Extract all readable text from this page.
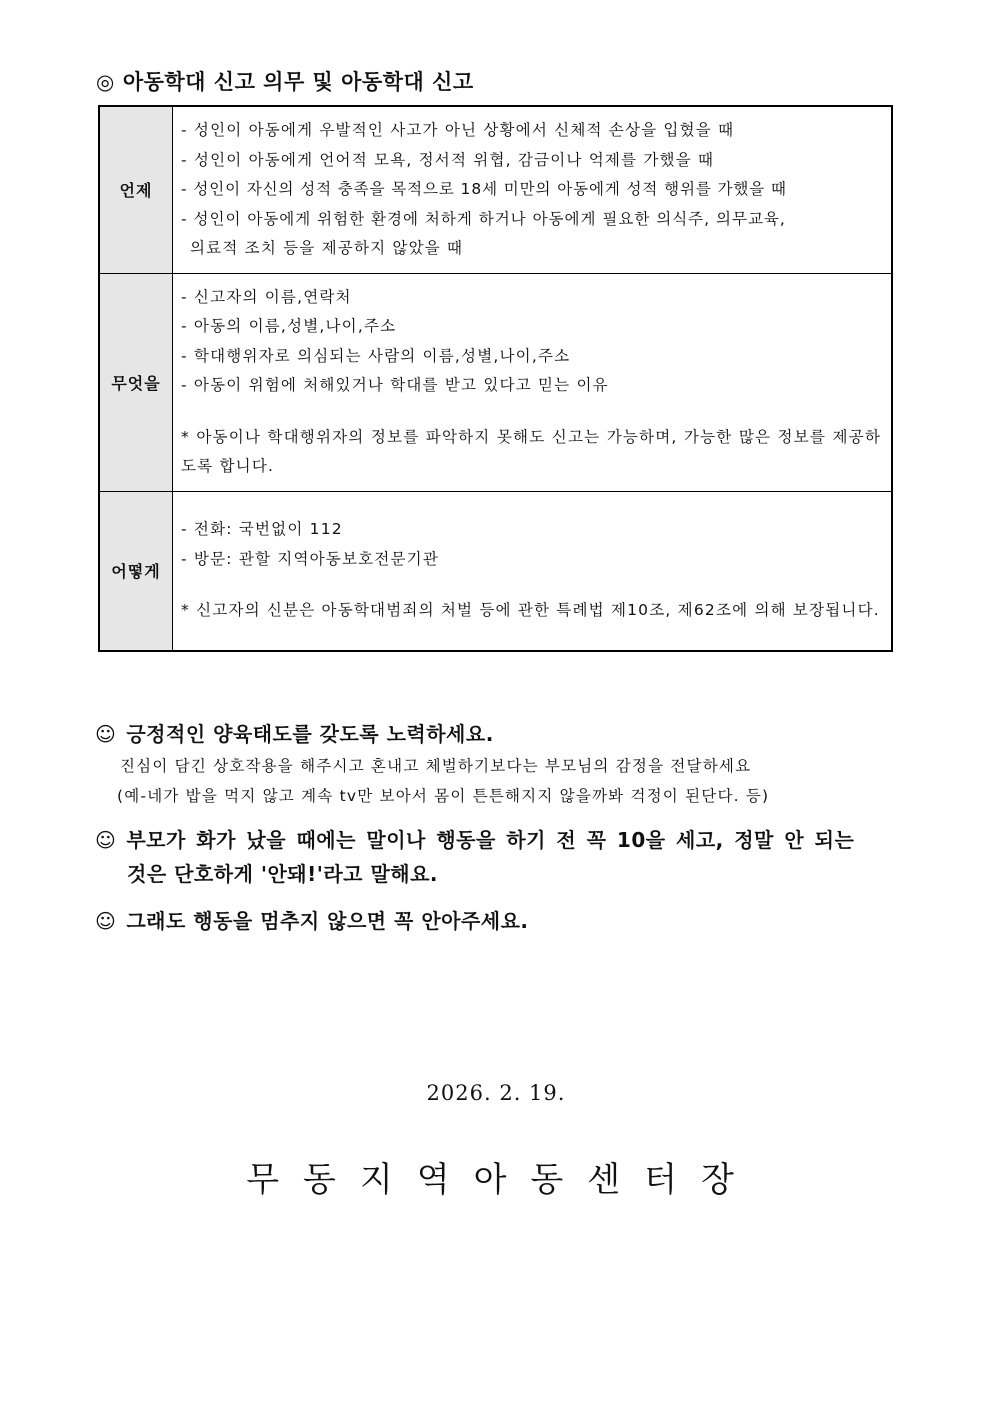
◎ 아동학대 신고 의무 및 아동학대 신고
언제	- 성인이 아동에게 우발적인 사고가 아닌 상황에서 신체적 손상을 입혔을 때
- 성인이 아동에게 언어적 모욕, 정서적 위협, 감금이나 억제를 가했을 때
- 성인이 자신의 성적 충족을 목적으로 18세 미만의 아동에게 성적 행위를 가했을 때
- 성인이 아동에게 위험한 환경에 처하게 하거나 아동에게 필요한 의식주, 의무교육,
의료적 조치 등을 제공하지 않았을 때

무엇을	- 신고자의 이름,연락처
- 아동의 이름,성별,나이,주소
- 학대행위자로 의심되는 사람의 이름,성별,나이,주소
- 아동이 위험에 처해있거나 학대를 받고 있다고 믿는 이유
* 아동이나 학대행위자의 정보를 파악하지 못해도 신고는 가능하며, 가능한 많은 정보를 제공하도록 합니다.

어떻게	- 전화: 국번없이 112
- 방문: 관할 지역아동보호전문기관
* 신고자의 신분은 아동학대범죄의 처벌 등에 관한 특례법 제10조, 제62조에 의해 보장됩니다.
☺ 긍정적인 양육태도를 갖도록 노력하세요.
진심이 담긴 상호작용을 해주시고 혼내고 체벌하기보다는 부모님의 감정을 전달하세요
(예-네가 밥을 먹지 않고 계속 tv만 보아서 몸이 튼튼해지지 않을까봐 걱정이 된단다. 등)
☺ 부모가 화가 났을 때에는 말이나 행동을 하기 전 꼭 10을 세고, 정말 안 되는
것은 단호하게 '안돼!'라고 말해요.
☺ 그래도 행동을 멈추지 않으면 꼭 안아주세요.
2026. 2. 19.
무동지역아동센터장
